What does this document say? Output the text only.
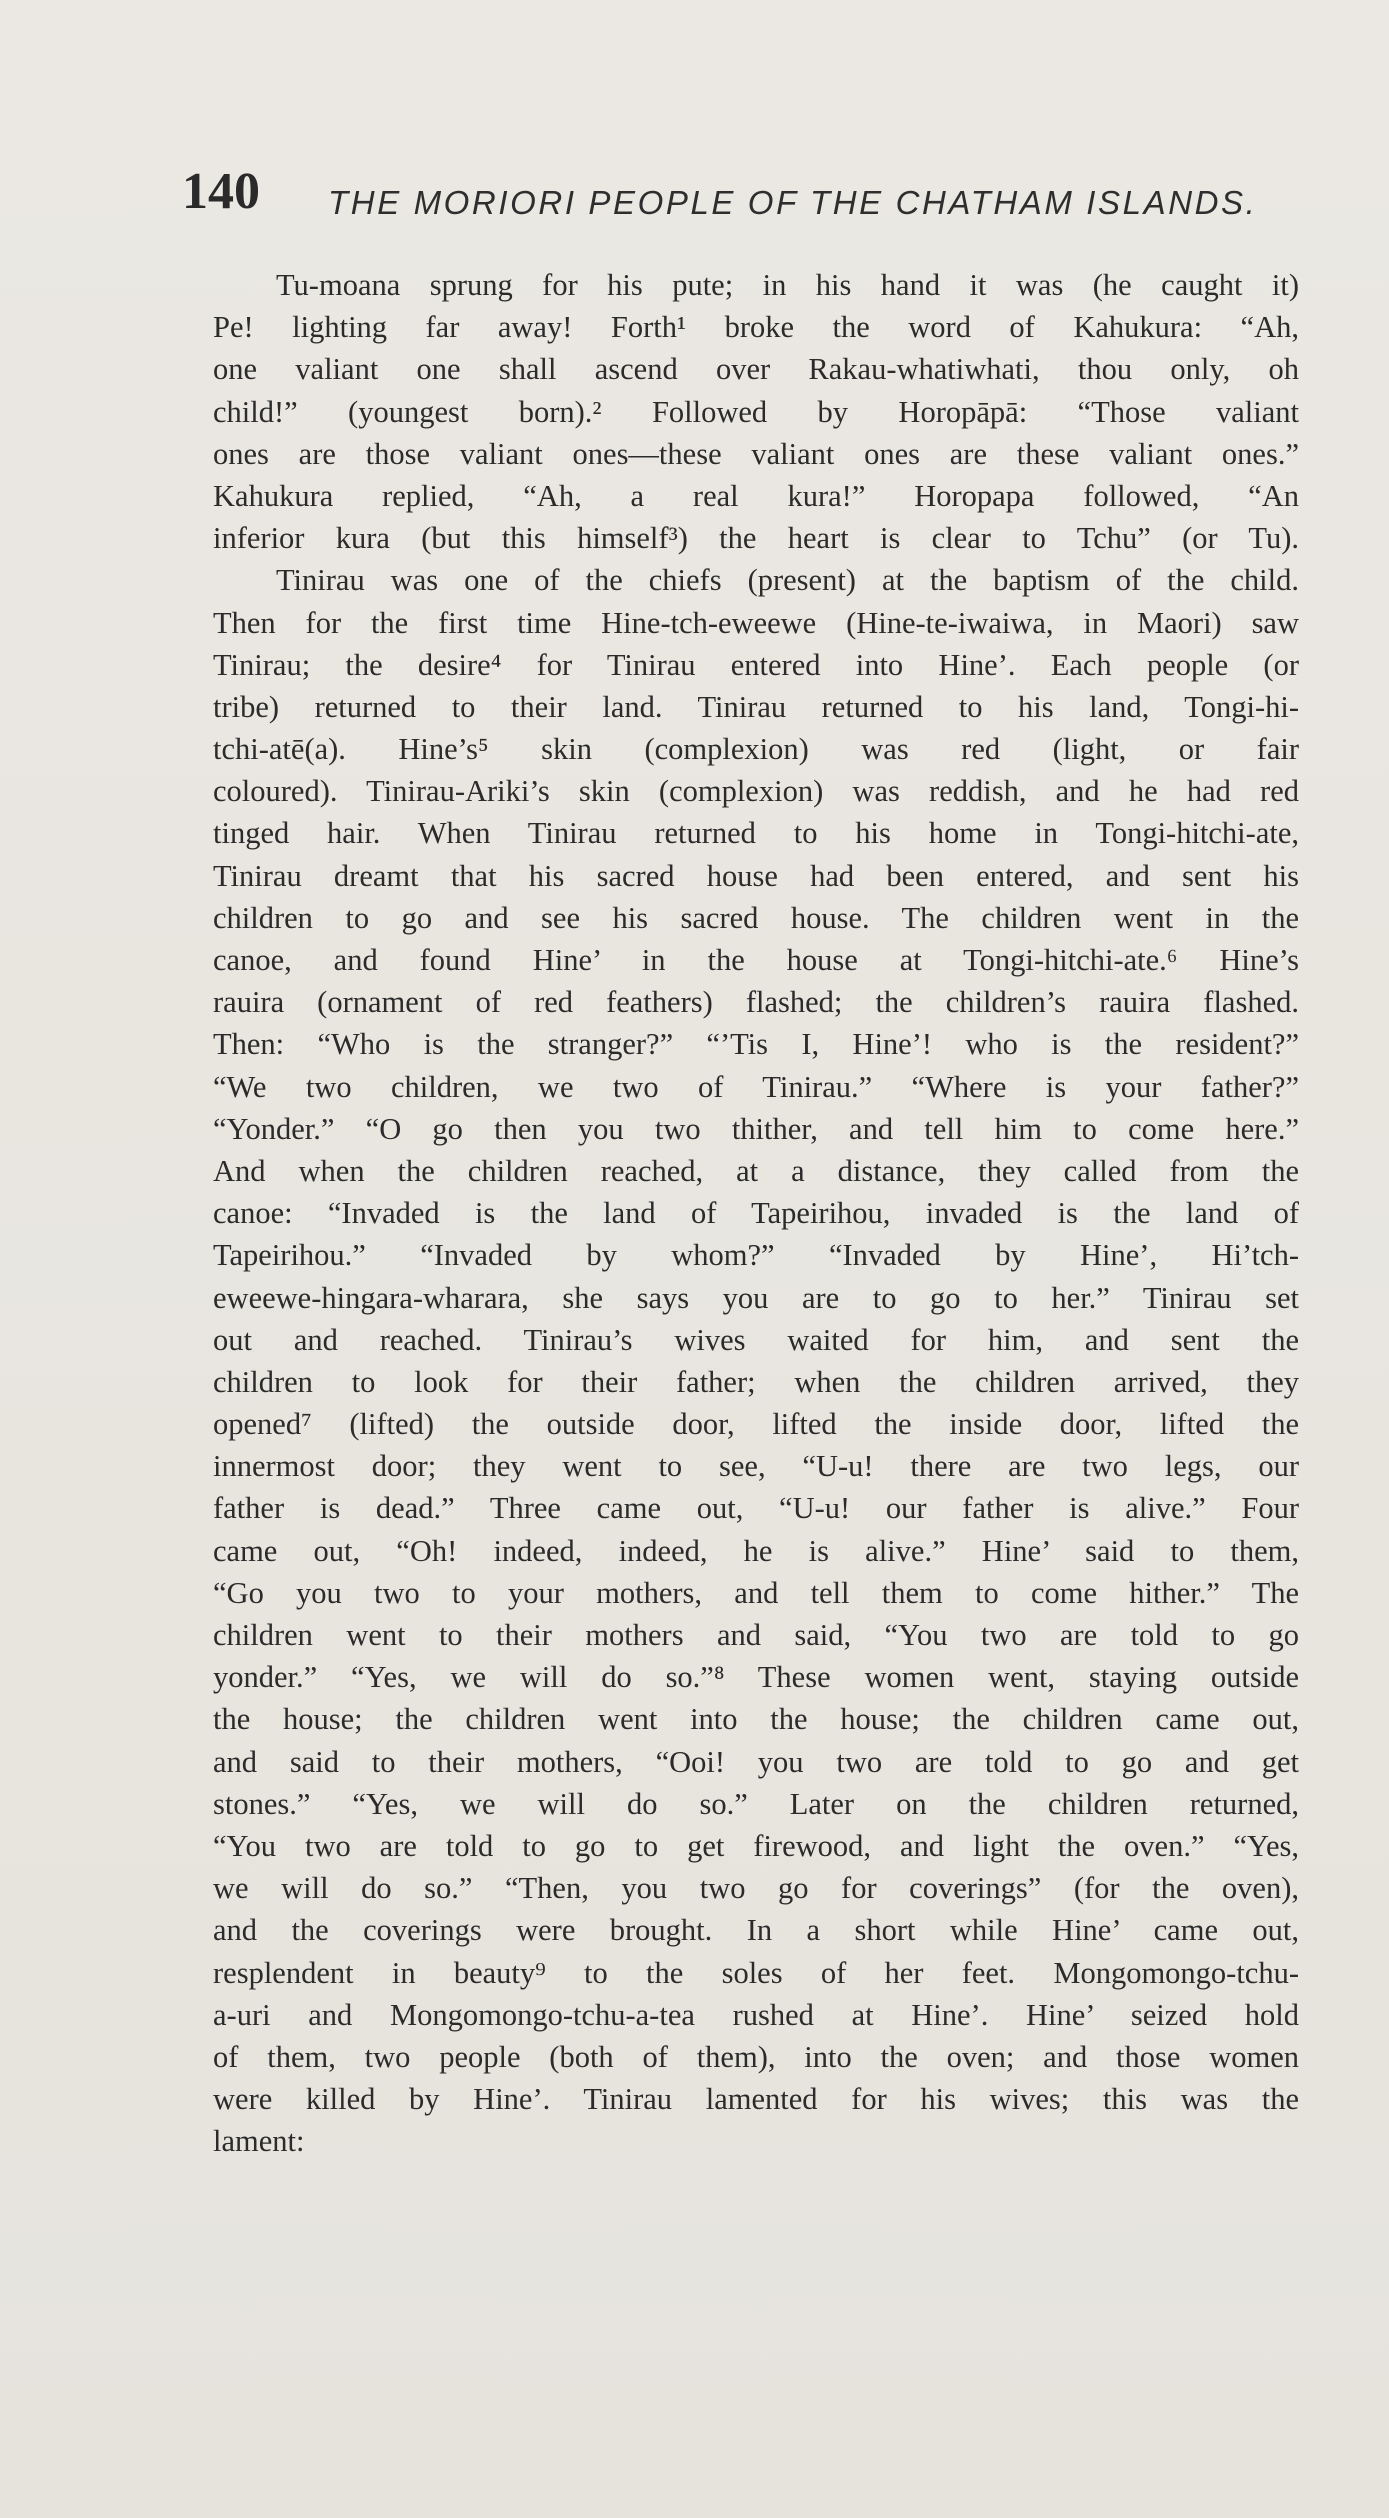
140 THE MORIORI PEOPLE OF THE CHATHAM ISLANDS.
Tu-moana sprung for his pute; in his hand it was (he caught it)
Pe! lighting far away! Forth¹ broke the word of Kahukura: “Ah,
one valiant one shall ascend over Rakau-whatiwhati, thou only, oh
child!” (youngest born).² Followed by Horopāpā: “Those valiant
ones are those valiant ones—these valiant ones are these valiant ones.”
Kahukura replied, “Ah, a real kura!” Horopapa followed, “An
inferior kura (but this himself³) the heart is clear to Tchu” (or Tu).
Tinirau was one of the chiefs (present) at the baptism of the child.
Then for the first time Hine-tch-eweewe (Hine-te-iwaiwa, in Maori) saw
Tinirau; the desire⁴ for Tinirau entered into Hine’. Each people (or
tribe) returned to their land. Tinirau returned to his land, Tongi-hi-
tchi-atē(a). Hine’s⁵ skin (complexion) was red (light, or fair
coloured). Tinirau-Ariki’s skin (complexion) was reddish, and he had red
tinged hair. When Tinirau returned to his home in Tongi-hitchi-ate,
Tinirau dreamt that his sacred house had been entered, and sent his
children to go and see his sacred house. The children went in the
canoe, and found Hine’ in the house at Tongi-hitchi-ate.⁶ Hine’s
rauira (ornament of red feathers) flashed; the children’s rauira flashed.
Then: “Who is the stranger?” “’Tis I, Hine’! who is the resident?”
“We two children, we two of Tinirau.” “Where is your father?”
“Yonder.” “O go then you two thither, and tell him to come here.”
And when the children reached, at a distance, they called from the
canoe: “Invaded is the land of Tapeirihou, invaded is the land of
Tapeirihou.” “Invaded by whom?” “Invaded by Hine’, Hi’tch-
eweewe-hingara-wharara, she says you are to go to her.” Tinirau set
out and reached. Tinirau’s wives waited for him, and sent the
children to look for their father; when the children arrived, they
opened⁷ (lifted) the outside door, lifted the inside door, lifted the
innermost door; they went to see, “U-u! there are two legs, our
father is dead.” Three came out, “U-u! our father is alive.” Four
came out, “Oh! indeed, indeed, he is alive.” Hine’ said to them,
“Go you two to your mothers, and tell them to come hither.” The
children went to their mothers and said, “You two are told to go
yonder.” “Yes, we will do so.”⁸ These women went, staying outside
the house; the children went into the house; the children came out,
and said to their mothers, “Ooi! you two are told to go and get
stones.” “Yes, we will do so.” Later on the children returned,
“You two are told to go to get firewood, and light the oven.” “Yes,
we will do so.” “Then, you two go for coverings” (for the oven),
and the coverings were brought. In a short while Hine’ came out,
resplendent in beauty⁹ to the soles of her feet. Mongomongo-tchu-
a-uri and Mongomongo-tchu-a-tea rushed at Hine’. Hine’ seized hold
of them, two people (both of them), into the oven; and those women
were killed by Hine’. Tinirau lamented for his wives; this was the
lament:
